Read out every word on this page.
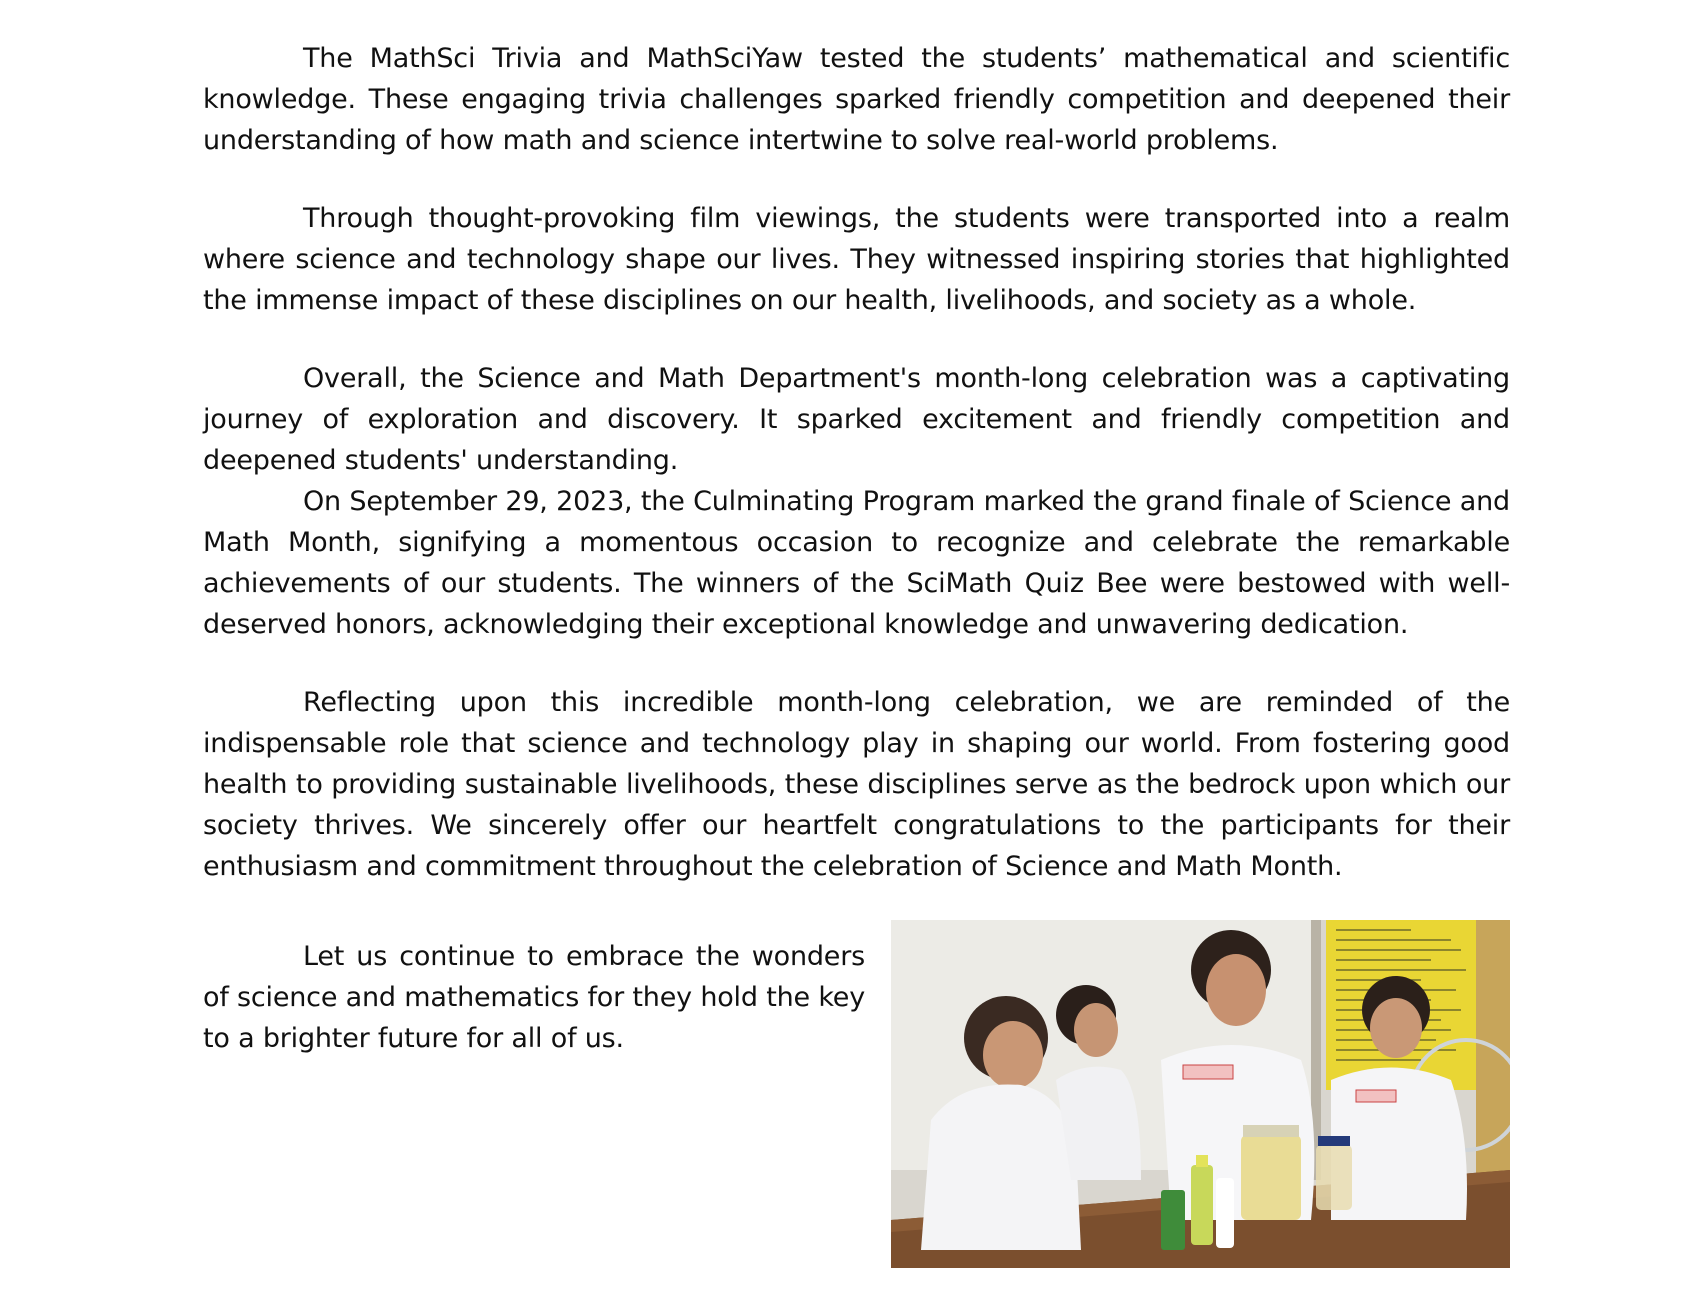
The MathSci Trivia and MathSciYaw tested the students’ mathematical and scientific knowledge. These engaging trivia challenges sparked friendly competition and deepened their understanding of how math and science intertwine to solve real-world problems.

Through thought-provoking film viewings, the students were transported into a realm where science and technology shape our lives. They witnessed inspiring stories that highlighted the immense impact of these disciplines on our health, livelihoods, and society as a whole.

Overall, the Science and Math Department's month-long celebration was a captivating journey of exploration and discovery. It sparked excitement and friendly competition and deepened students' understanding.

On September 29, 2023, the Culminating Program marked the grand finale of Science and Math Month, signifying a momentous occasion to recognize and celebrate the remarkable achievements of our students. The winners of the SciMath Quiz Bee were bestowed with well-deserved honors, acknowledging their exceptional knowledge and unwavering dedication.

Reflecting upon this incredible month-long celebration, we are reminded of the indispensable role that science and technology play in shaping our world. From fostering good health to providing sustainable livelihoods, these disciplines serve as the bedrock upon which our society thrives. We sincerely offer our heartfelt congratulations to the participants for their enthusiasm and commitment throughout the celebration of Science and Math Month.

Let us continue to embrace the wonders of science and mathematics for they hold the key to a brighter future for all of us.
